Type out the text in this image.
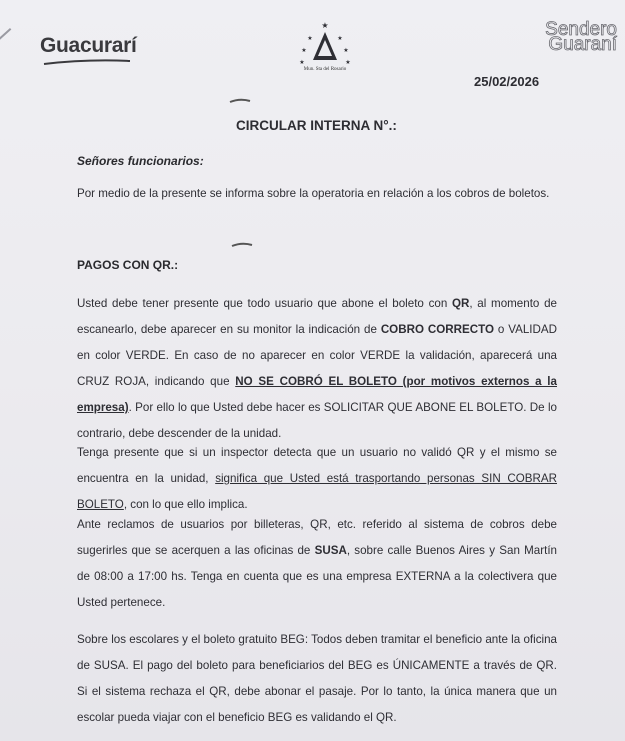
Guacurarí
★
★	★
★	★
★	★
Mun. Sta del Rosario
Sendero
Guaraní
25/02/2026
CIRCULAR INTERNA N°.:
Señores funcionarios:
Por medio de la presente se informa sobre la operatoria en relación a los cobros de boletos.
PAGOS CON QR.:
Usted debe tener presente que todo usuario que abone el boleto con QR, al momento de escanearlo, debe aparecer en su monitor la indicación de COBRO CORRECTO o VALIDAD en color VERDE. En caso de no aparecer en color VERDE la validación, aparecerá una CRUZ ROJA, indicando que NO SE COBRÓ EL BOLETO (por motivos externos a la empresa). Por ello lo que Usted debe hacer es SOLICITAR QUE ABONE EL BOLETO. De lo contrario, debe descender de la unidad.
Tenga presente que si un inspector detecta que un usuario no validó QR y el mismo se encuentra en la unidad, significa que Usted está trasportando personas SIN COBRAR BOLETO, con lo que ello implica.
Ante reclamos de usuarios por billeteras, QR, etc. referido al sistema de cobros debe sugerirles que se acerquen a las oficinas de SUSA, sobre calle Buenos Aires y San Martín de 08:00 a 17:00 hs. Tenga en cuenta que es una empresa EXTERNA a la colectivera que Usted pertenece.
Sobre los escolares y el boleto gratuito BEG: Todos deben tramitar el beneficio ante la oficina de SUSA. El pago del boleto para beneficiarios del BEG es ÚNICAMENTE a través de QR. Si el sistema rechaza el QR, debe abonar el pasaje. Por lo tanto, la única manera que un escolar pueda viajar con el beneficio BEG es validando el QR.
